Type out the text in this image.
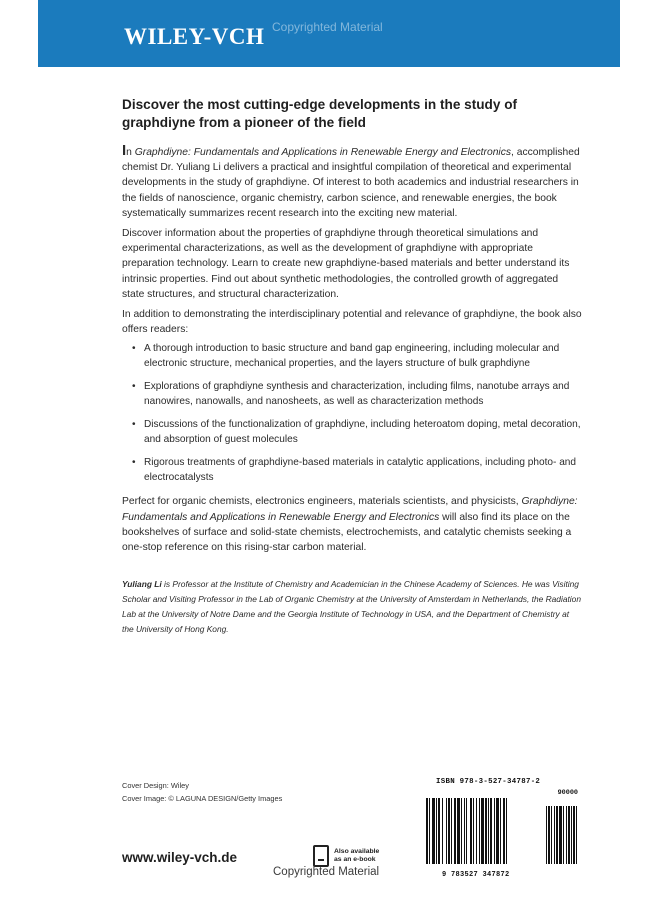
WILEY-VCH Copyrighted Material
Discover the most cutting-edge developments in the study of graphdiyne from a pioneer of the field

In Graphdiyne: Fundamentals and Applications in Renewable Energy and Electronics, accomplished chemist Dr. Yuliang Li delivers a practical and insightful compilation of theoretical and experimental developments in the study of graphdiyne. Of interest to both academics and industrial researchers in the fields of nanoscience, organic chemistry, carbon science, and renewable energies, the book systematically summarizes recent research into the exciting new material.

Discover information about the properties of graphdiyne through theoretical simulations and experimental characterizations, as well as the development of graphdiyne with appropriate preparation technology. Learn to create new graphdiyne-based materials and better understand its intrinsic properties. Find out about synthetic methodologies, the controlled growth of aggregated state structures, and structural characterization.

In addition to demonstrating the interdisciplinary potential and relevance of graphdiyne, the book also offers readers:

• A thorough introduction to basic structure and band gap engineering, including molecular and electronic structure, mechanical properties, and the layers structure of bulk graphdiyne
• Explorations of graphdiyne synthesis and characterization, including films, nanotube arrays and nanowires, nanowalls, and nanosheets, as well as characterization methods
• Discussions of the functionalization of graphdiyne, including heteroatom doping, metal decoration, and absorption of guest molecules
• Rigorous treatments of graphdiyne-based materials in catalytic applications, including photo- and electrocatalysts

Perfect for organic chemists, electronics engineers, materials scientists, and physicists, Graphdiyne: Fundamentals and Applications in Renewable Energy and Electronics will also find its place on the bookshelves of surface and solid-state chemists, electrochemists, and catalytic chemists seeking a one-stop reference on this rising-star carbon material.

Yuliang Li is Professor at the Institute of Chemistry and Academician in the Chinese Academy of Sciences. He was Visiting Scholar and Visiting Professor in the Lab of Organic Chemistry at the University of Amsterdam in Netherlands, the Radiation Lab at the University of Notre Dame and the Georgia Institute of Technology in USA, and the Department of Chemistry at the University of Hong Kong.

Cover Design: Wiley
Cover Image: © LAGUNA DESIGN/Getty Images
www.wiley-vch.de	Also available as an e-book
Copyrighted Material
ISBN 978-3-527-34787-2
90000
9 783527 347872
